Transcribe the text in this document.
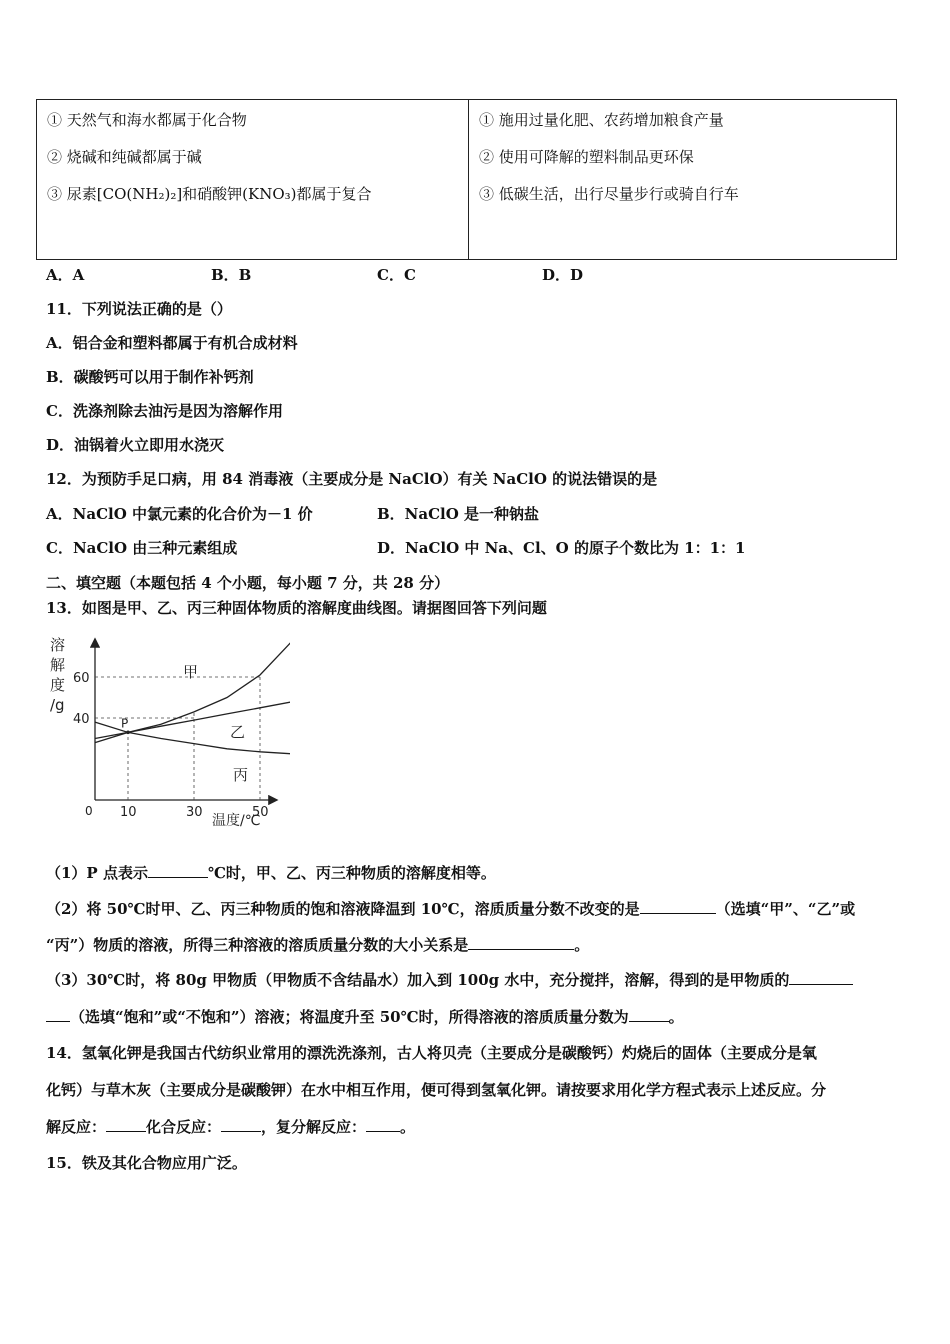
① 天然气和海水都属于化合物
② 烧碱和纯碱都属于碱
③ 尿素[CO(NH₂)₂]和硝酸钾(KNO₃)都属于复合

① 施用过量化肥、农药增加粮食产量
② 使用可降解的塑料制品更环保
③ 低碳生活，出行尽量步行或骑自行车
A．A	B．B	C．C	D．D
11．下列说法正确的是（）
A．铝合金和塑料都属于有机合成材料
B．碳酸钙可以用于制作补钙剂
C．洗涤剂除去油污是因为溶解作用
D．油锅着火立即用水浇灭
12．为预防手足口病，用 84 消毒液（主要成分是 NaClO）有关 NaClO 的说法错误的是
A．NaClO 中氯元素的化合价为－1 价	B．NaClO 是一种钠盐
C．NaClO 由三种元素组成	D．NaClO 中 Na、Cl、O 的原子个数比为 1：1：1
二、填空题（本题包括 4 个小题，每小题 7 分，共 28 分）
13．如图是甲、乙、丙三种固体物质的溶解度曲线图。请据图回答下列问题
溶
解
度
/g
0 10	30	50
40
60
温度/℃
甲
乙
丙
P
（1）P 点表示	℃时，甲、乙、丙三种物质的溶解度相等。
（2）将 50℃时甲、乙、丙三种物质的饱和溶液降温到 10℃，溶质质量分数不改变的是	（选填“甲”、“乙”或
“丙”）物质的溶液，所得三种溶液的溶质质量分数的大小关系是	。
（3）30℃时，将 80g 甲物质（甲物质不含结晶水）加入到 100g 水中，充分搅拌，溶解，得到的是甲物质的
（选填“饱和”或“不饱和”）溶液；将温度升至 50℃时，所得溶液的溶质质量分数为	。
14．氢氧化钾是我国古代纺织业常用的漂洗洗涤剂，古人将贝壳（主要成分是碳酸钙）灼烧后的固体（主要成分是氧
化钙）与草木灰（主要成分是碳酸钾）在水中相互作用，便可得到氢氧化钾。请按要求用化学方程式表示上述反应。分
解反应：	化合反应：	，复分解反应： 。
15．铁及其化合物应用广泛。
